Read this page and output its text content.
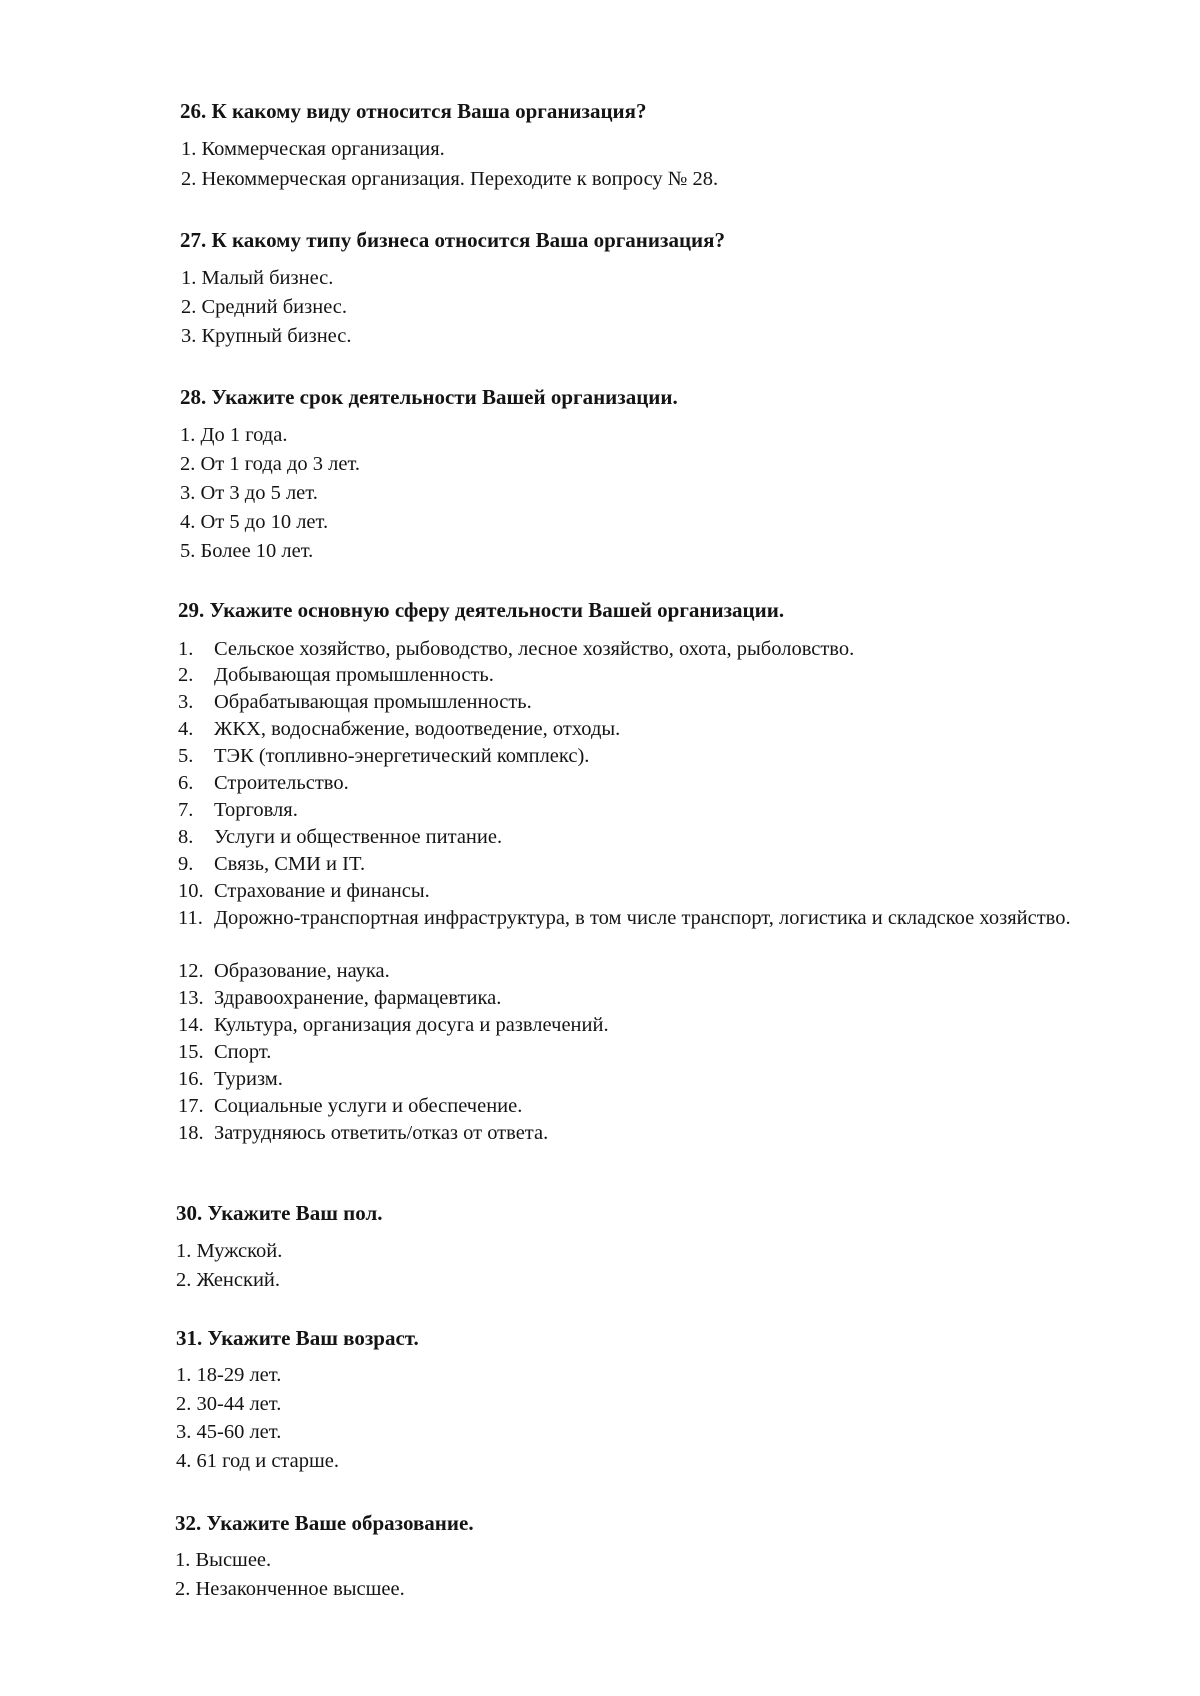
26. К какому виду относится Ваша организация?
1. Коммерческая организация.
2. Некоммерческая организация. Переходите к вопросу № 28.
27. К какому типу бизнеса относится Ваша организация?
1. Малый бизнес.
2. Средний бизнес.
3. Крупный бизнес.
28. Укажите срок деятельности Вашей организации.
1. До 1 года.
2. От 1 года до 3 лет.
3. От 3 до 5 лет.
4. От 5 до 10 лет.
5. Более 10 лет.
29. Укажите основную сферу деятельности Вашей организации.
1. Сельское хозяйство, рыбоводство, лесное хозяйство, охота, рыболовство.
2. Добывающая промышленность.
3. Обрабатывающая промышленность.
4. ЖКХ, водоснабжение, водоотведение, отходы.
5. ТЭК (топливно-энергетический комплекс).
6. Строительство.
7. Торговля.
8. Услуги и общественное питание.
9. Связь, СМИ и IT.
10. Страхование и финансы.
11. Дорожно-транспортная инфраструктура, в том числе транспорт, логистика и складское хозяйство.
12. Образование, наука.
13. Здравоохранение, фармацевтика.
14. Культура, организация досуга и развлечений.
15. Спорт.
16. Туризм.
17. Социальные услуги и обеспечение.
18. Затрудняюсь ответить/отказ от ответа.
30. Укажите Ваш пол.
1. Мужской.
2. Женский.
31. Укажите Ваш возраст.
1. 18-29 лет.
2. 30-44 лет.
3. 45-60 лет.
4. 61 год и старше.
32. Укажите Ваше образование.
1. Высшее.
2. Незаконченное высшее.
